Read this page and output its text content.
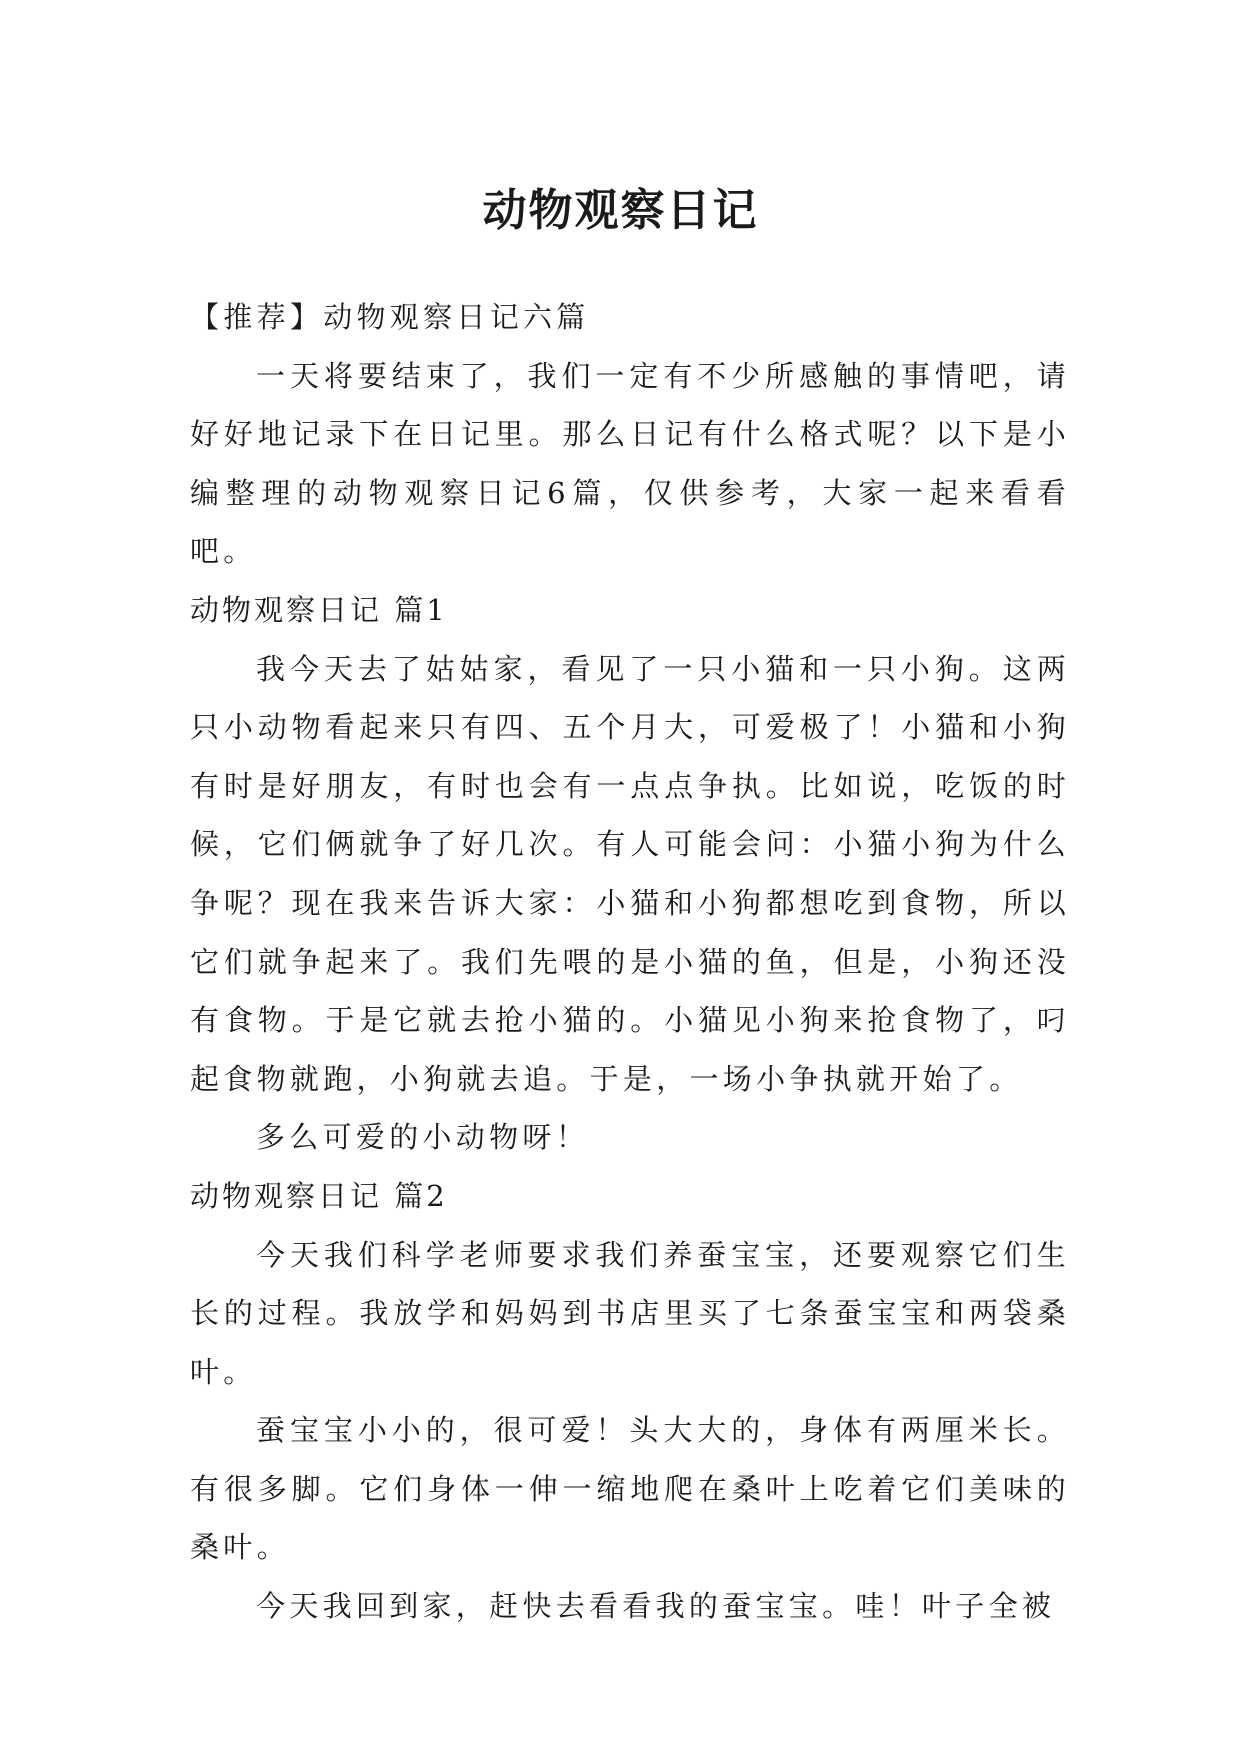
动物观察日记

【推荐】动物观察日记六篇

一天将要结束了，我们一定有不少所感触的事情吧，请好好地记录下在日记里。那么日记有什么格式呢？以下是小编整理的动物观察日记6篇，仅供参考，大家一起来看看吧。

动物观察日记 篇1

我今天去了姑姑家，看见了一只小猫和一只小狗。这两只小动物看起来只有四、五个月大，可爱极了！小猫和小狗有时是好朋友，有时也会有一点点争执。比如说，吃饭的时候，它们俩就争了好几次。有人可能会问：小猫小狗为什么争呢？现在我来告诉大家：小猫和小狗都想吃到食物，所以它们就争起来了。我们先喂的是小猫的鱼，但是，小狗还没有食物。于是它就去抢小猫的。小猫见小狗来抢食物了，叼起食物就跑，小狗就去追。于是，一场小争执就开始了。

多么可爱的小动物呀！

动物观察日记 篇2

今天我们科学老师要求我们养蚕宝宝，还要观察它们生长的过程。我放学和妈妈到书店里买了七条蚕宝宝和两袋桑叶。

蚕宝宝小小的，很可爱！头大大的，身体有两厘米长。有很多脚。它们身体一伸一缩地爬在桑叶上吃着它们美味的桑叶。

今天我回到家，赶快去看看我的蚕宝宝。哇！叶子全被
